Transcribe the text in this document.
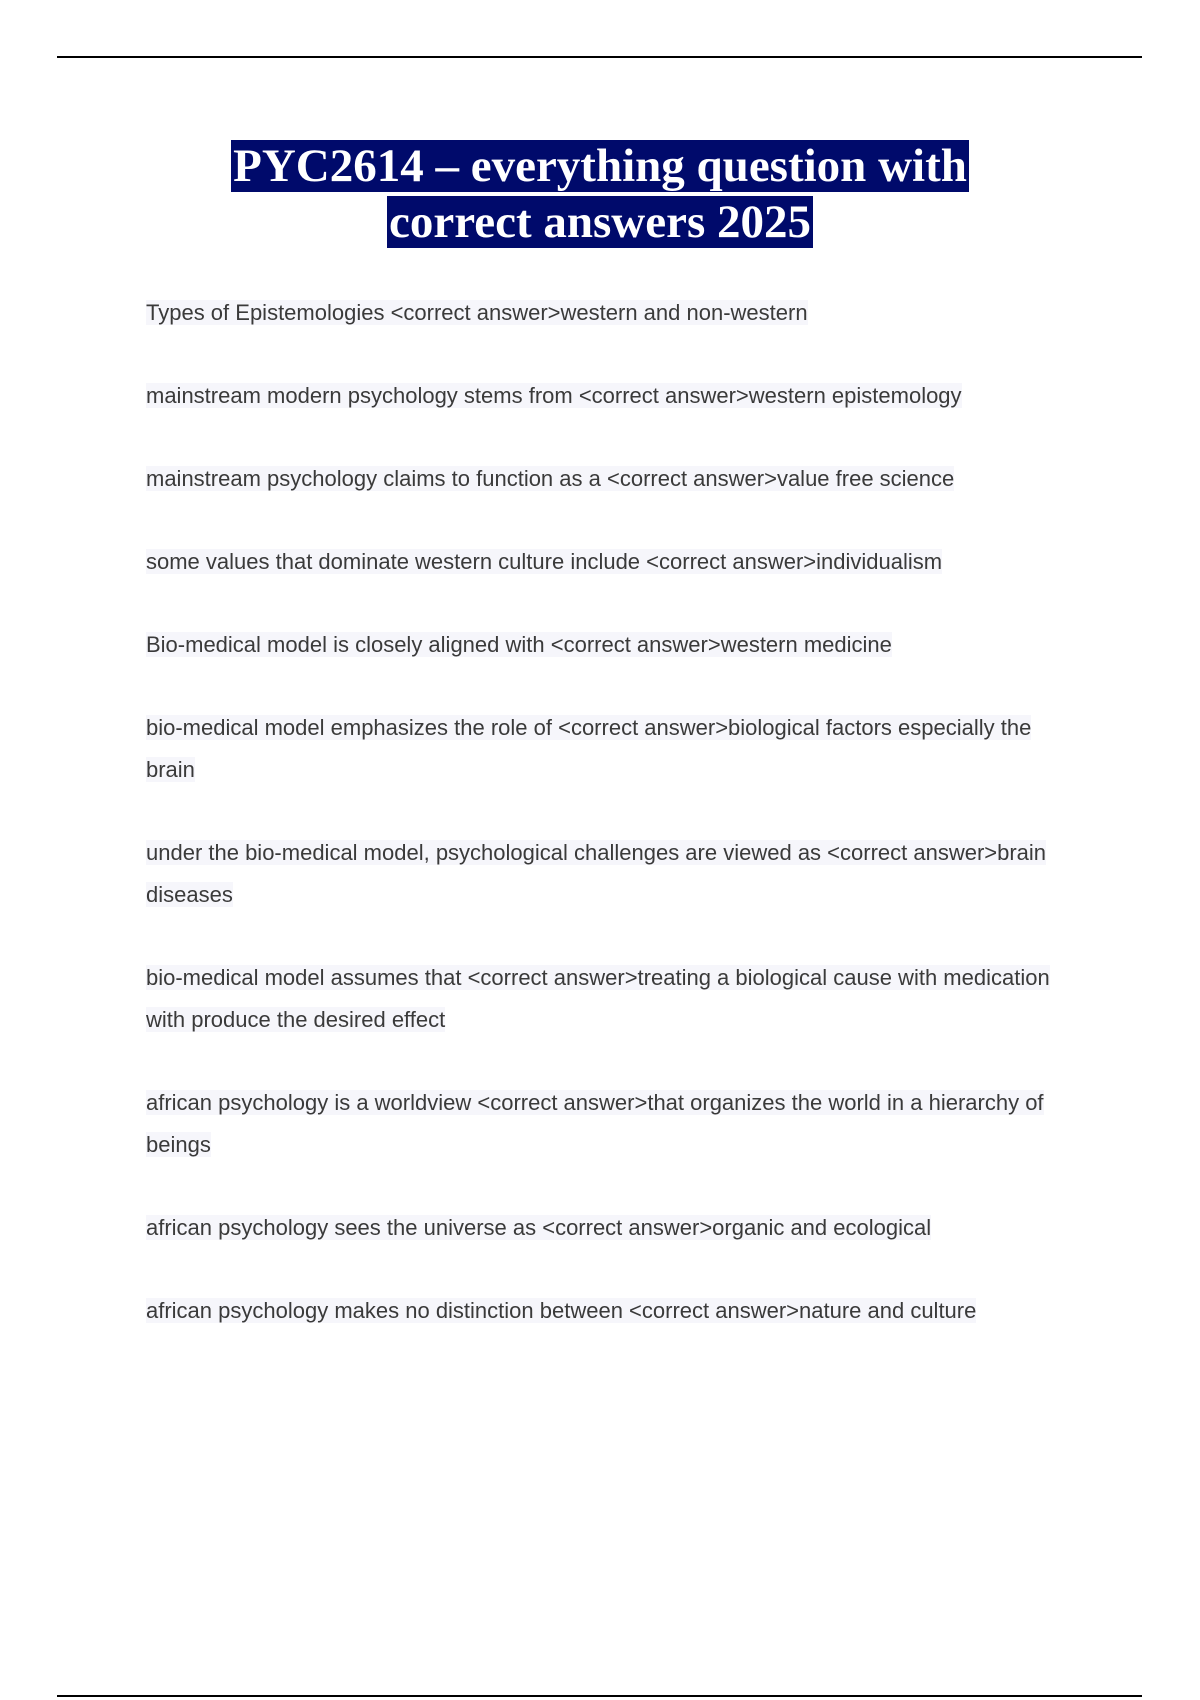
PYC2614 – everything question with
correct answers 2025
Types of Epistemologies <correct answer>western and non-western
mainstream modern psychology stems from <correct answer>western epistemology
mainstream psychology claims to function as a <correct answer>value free science
some values that dominate western culture include <correct answer>individualism
Bio-medical model is closely aligned with <correct answer>western medicine
bio-medical model emphasizes the role of <correct answer>biological factors especially the brain
under the bio-medical model, psychological challenges are viewed as <correct answer>brain diseases
bio-medical model assumes that <correct answer>treating a biological cause with medication with produce the desired effect
african psychology is a worldview <correct answer>that organizes the world in a hierarchy of beings
african psychology sees the universe as <correct answer>organic and ecological
african psychology makes no distinction between <correct answer>nature and culture
